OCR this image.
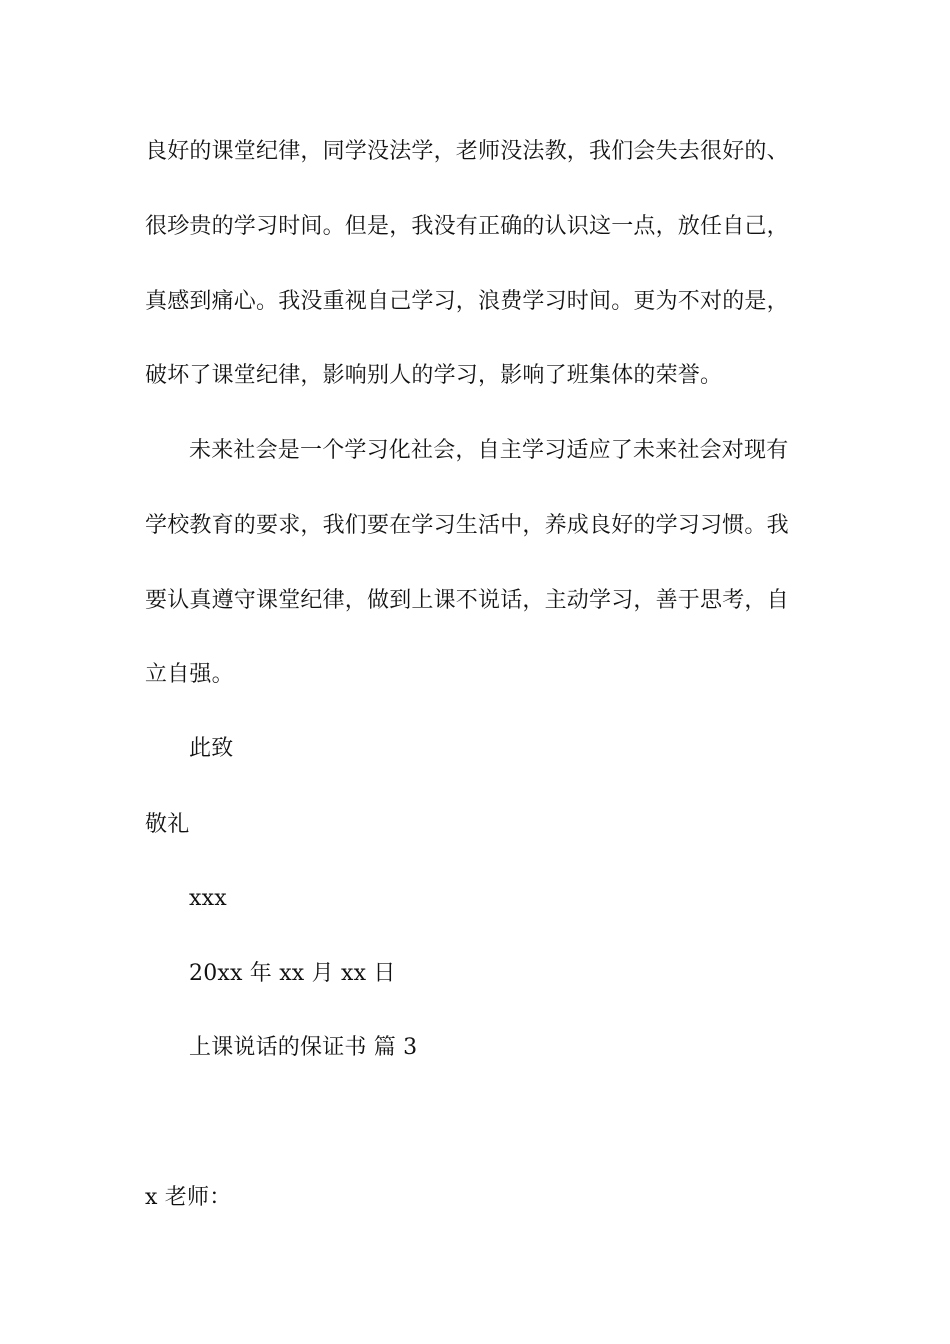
良好的课堂纪律，同学没法学，老师没法教，我们会失去很好的、
很珍贵的学习时间。但是，我没有正确的认识这一点，放任自己，
真感到痛心。我没重视自己学习，浪费学习时间。更为不对的是，
破坏了课堂纪律，影响别人的学习，影响了班集体的荣誉。
未来社会是一个学习化社会，自主学习适应了未来社会对现有
学校教育的要求，我们要在学习生活中，养成良好的学习习惯。我
要认真遵守课堂纪律，做到上课不说话，主动学习，善于思考，自
立自强。
此致
敬礼
xxx
20xx 年 xx 月 xx 日
上课说话的保证书 篇 3
x 老师：
